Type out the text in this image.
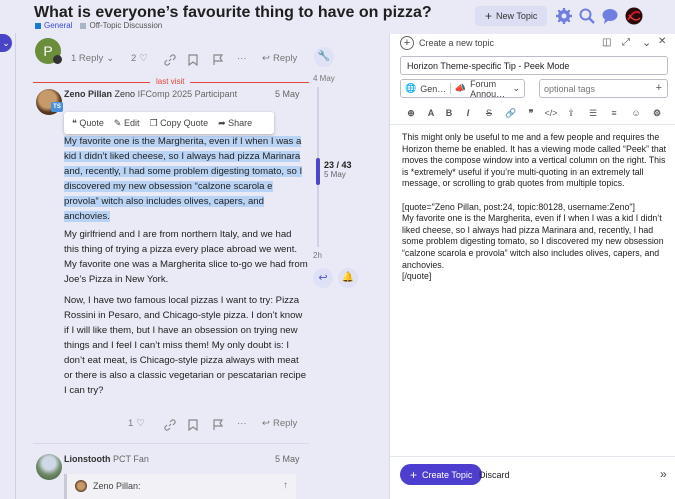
What is everyone’s favourite thing to have on pizza?
General	Off-Topic Discussion
+ New Topic
⌄	P	1 Reply ⌄ 2 ♡	··· ↩ Reply	🔧
last visit	4 May
23 / 43
5 May
2h
↩	🔔
TS
Zeno Pillan Zeno IFComp 2025 Participant	5 May
My favorite one is the Margherita, even if I when I was a kid I didn’t liked cheese, so I always had pizza Marinara and, recently, I had some problem digesting tomato, so I discovered my new obsession “calzone scarola e provola” witch also includes olives, capers, and anchovies.
❝ Quote ✎ Edit ❐ Copy Quote ➦ Share
My girlfriend and I are from northern Italy, and we had this thing of trying a pizza every place abroad we went. My favorite one was a Margherita slice to-go we had from Joe’s Pizza in New York.
Now, I have two famous local pizzas I want to try: Pizza Rossini in Pesaro, and Chicago-style pizza. I don’t know if I will like them, but I have an obsession on trying new things and I feel I can’t miss them! My only doubt is: I don’t eat meat, is Chicago-style pizza always with meat or there is also a classic vegetarian or pescatarian recipe I can try?
1 ♡	··· ↩ Reply
Lionstooth PCT Fan	5 May
Zeno Pillan:	↑
+ Create a new topic	◫ ⤢ ⌄ ✕
Horizon Theme-specific Tip - Peek Mode
🌐 Gen… 📣 Forum Annou…
⌄
optional tags	+
⊕	A	B	I	S	🔗	❞	</>	⇪	☰	≡	☺	⚙
This might only be useful to me and a few people and requires the Horizon theme be enabled. It has a viewing mode called “Peek” that moves the compose window into a vertical column on the right. This is *extremely* useful if you’re multi-quoting in an extremely tall message, or scrolling to grab quotes from multiple topics.

[quote="Zeno Pillan, post:24, topic:80128, username:Zeno"]
My favorite one is the Margherita, even if I when I was a kid I didn’t liked cheese, so I always had pizza Marinara and, recently, I had some problem digesting tomato, so I discovered my new obsession “calzone scarola e provola” witch also includes olives, capers, and anchovies.
[/quote]
+ Create Topic Discard	»
